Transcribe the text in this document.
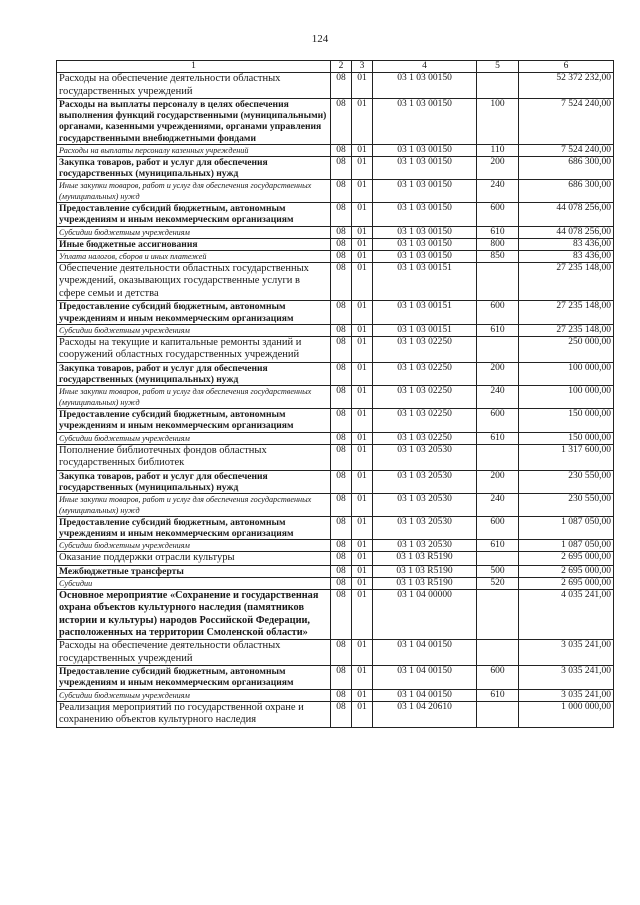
124
1	2	3	4	5	6
Расходы на обеспечение деятельности областных государственных учреждений	08	01	03 1 03 00150		52 372 232,00
Расходы на выплаты персоналу в целях обеспечения выполнения функций государственными (муниципальными) органами, казенными учреждениями, органами управления государственными внебюджетными фондами	08	01	03 1 03 00150	100	7 524 240,00
Расходы на выплаты персоналу казенных учреждений	08	01	03 1 03 00150	110	7 524 240,00
Закупка товаров, работ и услуг для обеспечения государственных (муниципальных) нужд	08	01	03 1 03 00150	200	686 300,00
Иные закупки товаров, работ и услуг для обеспечения государственных (муниципальных) нужд	08	01	03 1 03 00150	240	686 300,00
Предоставление субсидий бюджетным, автономным учреждениям и иным некоммерческим организациям	08	01	03 1 03 00150	600	44 078 256,00
Субсидии бюджетным учреждениям	08	01	03 1 03 00150	610	44 078 256,00
Иные бюджетные ассигнования	08	01	03 1 03 00150	800	83 436,00
Уплата налогов, сборов и иных платежей	08	01	03 1 03 00150	850	83 436,00
Обеспечение деятельности областных государственных учреждений, оказывающих государственные услуги в сфере семьи и детства	08	01	03 1 03 00151		27 235 148,00
Предоставление субсидий бюджетным, автономным учреждениям и иным некоммерческим организациям	08	01	03 1 03 00151	600	27 235 148,00
Субсидии бюджетным учреждениям	08	01	03 1 03 00151	610	27 235 148,00
Расходы на текущие и капитальные ремонты зданий и сооружений областных государственных учреждений	08	01	03 1 03 02250		250 000,00
Закупка товаров, работ и услуг для обеспечения государственных (муниципальных) нужд	08	01	03 1 03 02250	200	100 000,00
Иные закупки товаров, работ и услуг для обеспечения государственных (муниципальных) нужд	08	01	03 1 03 02250	240	100 000,00
Предоставление субсидий бюджетным, автономным учреждениям и иным некоммерческим организациям	08	01	03 1 03 02250	600	150 000,00
Субсидии бюджетным учреждениям	08	01	03 1 03 02250	610	150 000,00
Пополнение библиотечных фондов областных государственных библиотек	08	01	03 1 03 20530		1 317 600,00
Закупка товаров, работ и услуг для обеспечения государственных (муниципальных) нужд	08	01	03 1 03 20530	200	230 550,00
Иные закупки товаров, работ и услуг для обеспечения государственных (муниципальных) нужд	08	01	03 1 03 20530	240	230 550,00
Предоставление субсидий бюджетным, автономным учреждениям и иным некоммерческим организациям	08	01	03 1 03 20530	600	1 087 050,00
Субсидии бюджетным учреждениям	08	01	03 1 03 20530	610	1 087 050,00
Оказание поддержки отрасли культуры	08	01	03 1 03 R5190		2 695 000,00
Межбюджетные трансферты	08	01	03 1 03 R5190	500	2 695 000,00
Субсидии	08	01	03 1 03 R5190	520	2 695 000,00
Основное мероприятие «Сохранение и государственная охрана объектов культурного наследия (памятников истории и культуры) народов Российской Федерации, расположенных на территории Смоленской области»	08	01	03 1 04 00000		4 035 241,00
Расходы на обеспечение деятельности областных государственных учреждений	08	01	03 1 04 00150		3 035 241,00
Предоставление субсидий бюджетным, автономным учреждениям и иным некоммерческим организациям	08	01	03 1 04 00150	600	3 035 241,00
Субсидии бюджетным учреждениям	08	01	03 1 04 00150	610	3 035 241,00
Реализация мероприятий по государственной охране и сохранению объектов культурного наследия	08	01	03 1 04 20610		1 000 000,00
